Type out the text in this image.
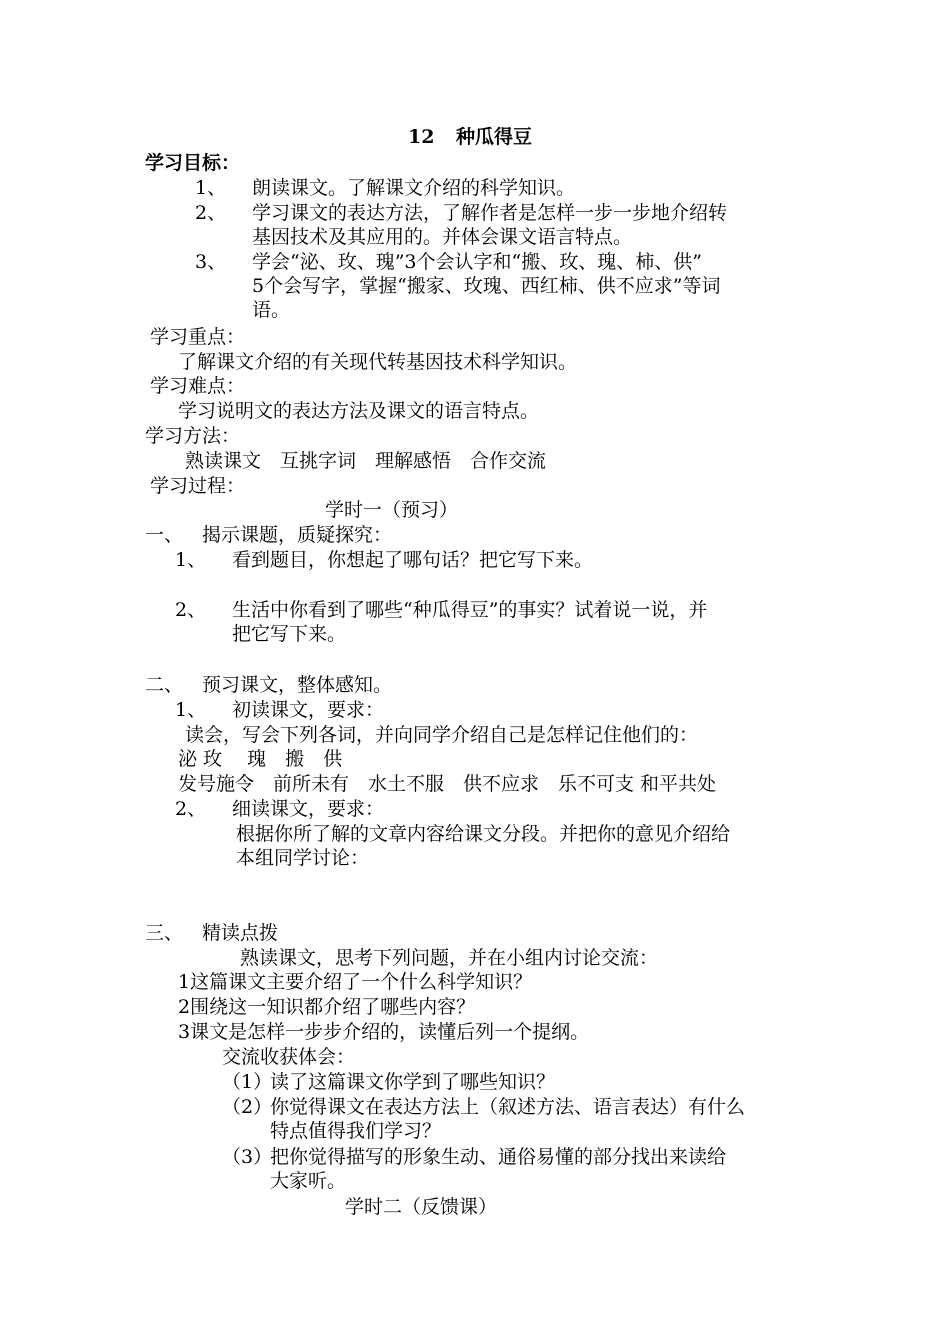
12 种瓜得豆
学习目标：
1、 朗读课文。了解课文介绍的科学知识。
2、 学习课文的表达方法，了解作者是怎样一步一步地介绍转
基因技术及其应用的。并体会课文语言特点。
3、 学会“泌、玫、瑰”3个会认字和“搬、玫、瑰、柿、供”
5个会写字，掌握“搬家、玫瑰、西红柿、供不应求”等词
语。
学习重点：
了解课文介绍的有关现代转基因技术科学知识。
学习难点：
学习说明文的表达方法及课文的语言特点。
学习方法：
熟读课文　互挑字词　理解感悟　合作交流
学习过程：
学时一（预习）
一、 揭示课题，质疑探究：
1、 看到题目，你想起了哪句话？把它写下来。
2、 生活中你看到了哪些“种瓜得豆”的事实？试着说一说，并
把它写下来。
二、 预习课文，整体感知。
1、 初读课文，要求：
读会，写会下列各词，并向同学介绍自己是怎样记住他们的：
泌 玫　 瑰　搬　供
发号施令　前所未有　水土不服　供不应求　乐不可支 和平共处
2、 细读课文，要求：
根据你所了解的文章内容给课文分段。并把你的意见介绍给
本组同学讨论：
三、 精读点拨
熟读课文，思考下列问题，并在小组内讨论交流：
1这篇课文主要介绍了一个什么科学知识？
2围绕这一知识都介绍了哪些内容？
3课文是怎样一步步介绍的，读懂后列一个提纲。
交流收获体会：
（1）
读了这篇课文你学到了哪些知识？
（2）
你觉得课文在表达方法上（叙述方法、语言表达）有什么
特点值得我们学习？
（3）
把你觉得描写的形象生动、通俗易懂的部分找出来读给
大家听。
学时二（反馈课）
